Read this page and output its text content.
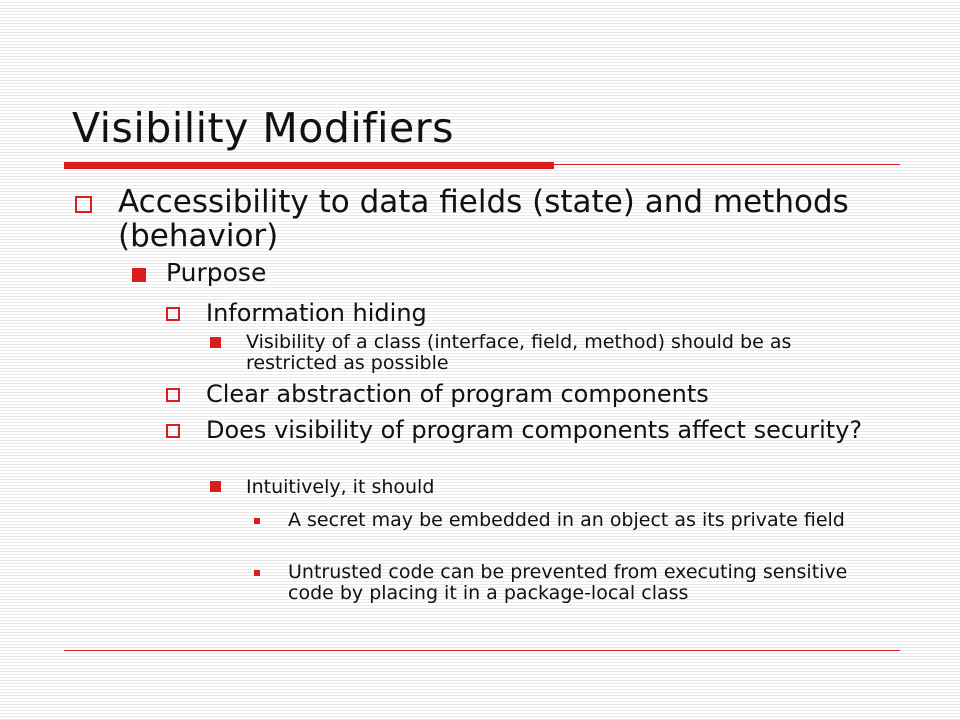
Visibility Modifiers

Accessibility to data fields (state) and methods (behavior)

Purpose

Information hiding

Visibility of a class (interface, field, method) should be as restricted as possible

Clear abstraction of program components

Does visibility of program components affect security?

Intuitively, it should

A secret may be embedded in an object as its private field

Untrusted code can be prevented from executing sensitive code by placing it in a package-local class
